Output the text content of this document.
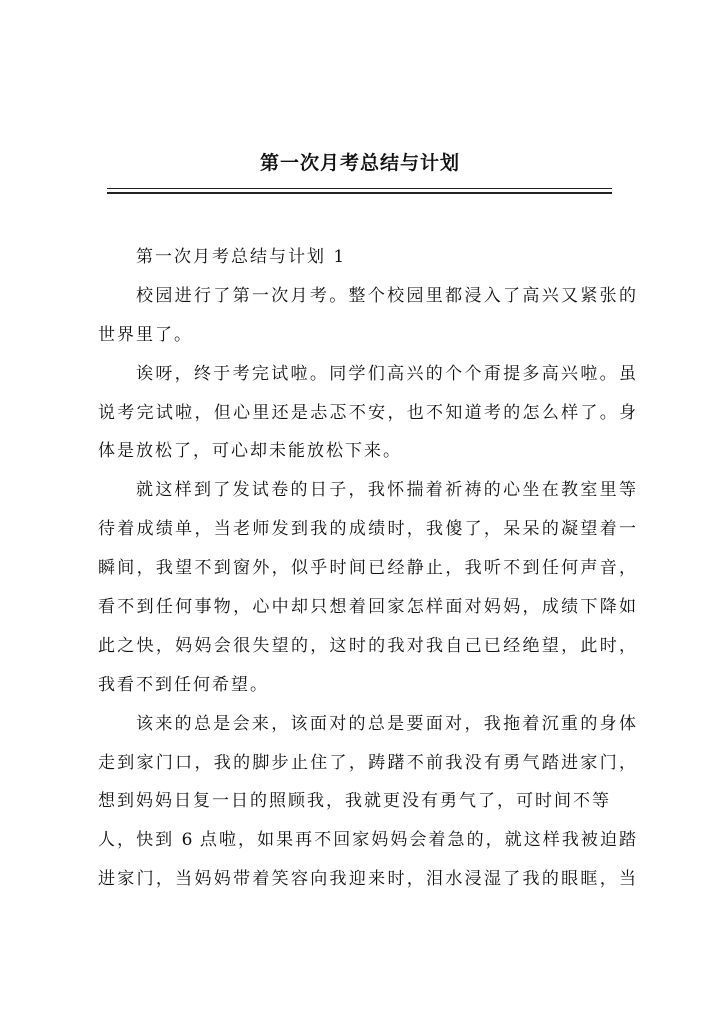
第一次月考总结与计划
第一次月考总结与计划 1
校园进行了第一次月考。整个校园里都浸入了高兴又紧张的
世界里了。
诶呀，终于考完试啦。同学们高兴的个个甭提多高兴啦。虽
说考完试啦，但心里还是忐忑不安，也不知道考的怎么样了。身
体是放松了，可心却未能放松下来。
就这样到了发试卷的日子，我怀揣着祈祷的心坐在教室里等
待着成绩单，当老师发到我的成绩时，我傻了，呆呆的凝望着一
瞬间，我望不到窗外，似乎时间已经静止，我听不到任何声音，
看不到任何事物，心中却只想着回家怎样面对妈妈，成绩下降如
此之快，妈妈会很失望的，这时的我对我自己已经绝望，此时，
我看不到任何希望。
该来的总是会来，该面对的总是要面对，我拖着沉重的身体
走到家门口，我的脚步止住了，踌躇不前我没有勇气踏进家门，
想到妈妈日复一日的照顾我，我就更没有勇气了，可时间不等
人，快到 6 点啦，如果再不回家妈妈会着急的，就这样我被迫踏
进家门，当妈妈带着笑容向我迎来时，泪水浸湿了我的眼眶，当
